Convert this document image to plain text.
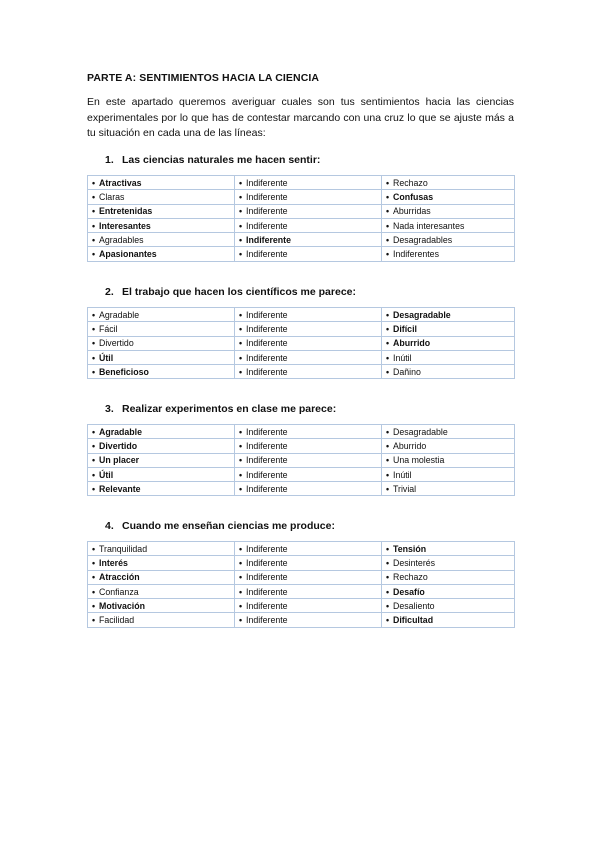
PARTE A: SENTIMIENTOS HACIA LA CIENCIA

En este apartado queremos averiguar cuales son tus sentimientos hacia las ciencias experimentales por lo que has de contestar marcando con una cruz lo que se ajuste más a tu situación en cada una de las líneas:

1. Las ciencias naturales me hacen sentir:

• Atractivas	• Indiferente	• Rechazo
• Claras	• Indiferente	• Confusas
• Entretenidas	• Indiferente	• Aburridas
• Interesantes	• Indiferente	• Nada interesantes
• Agradables	• Indiferente	• Desagradables
• Apasionantes	• Indiferente	• Indiferentes

2. El trabajo que hacen los científicos me parece:

• Agradable	• Indiferente	• Desagradable
• Fácil	• Indiferente	• Difícil
• Divertido	• Indiferente	• Aburrido
• Útil	• Indiferente	• Inútil
• Beneficioso	• Indiferente	• Dañino

3. Realizar experimentos en clase me parece:

• Agradable	• Indiferente	• Desagradable
• Divertido	• Indiferente	• Aburrido
• Un placer	• Indiferente	• Una molestia
• Útil	• Indiferente	• Inútil
• Relevante	• Indiferente	• Trivial

4. Cuando me enseñan ciencias me produce:

• Tranquilidad	• Indiferente	• Tensión
• Interés	• Indiferente	• Desinterés
• Atracción	• Indiferente	• Rechazo
• Confianza	• Indiferente	• Desafío
• Motivación	• Indiferente	• Desaliento
• Facilidad	• Indiferente	• Dificultad
